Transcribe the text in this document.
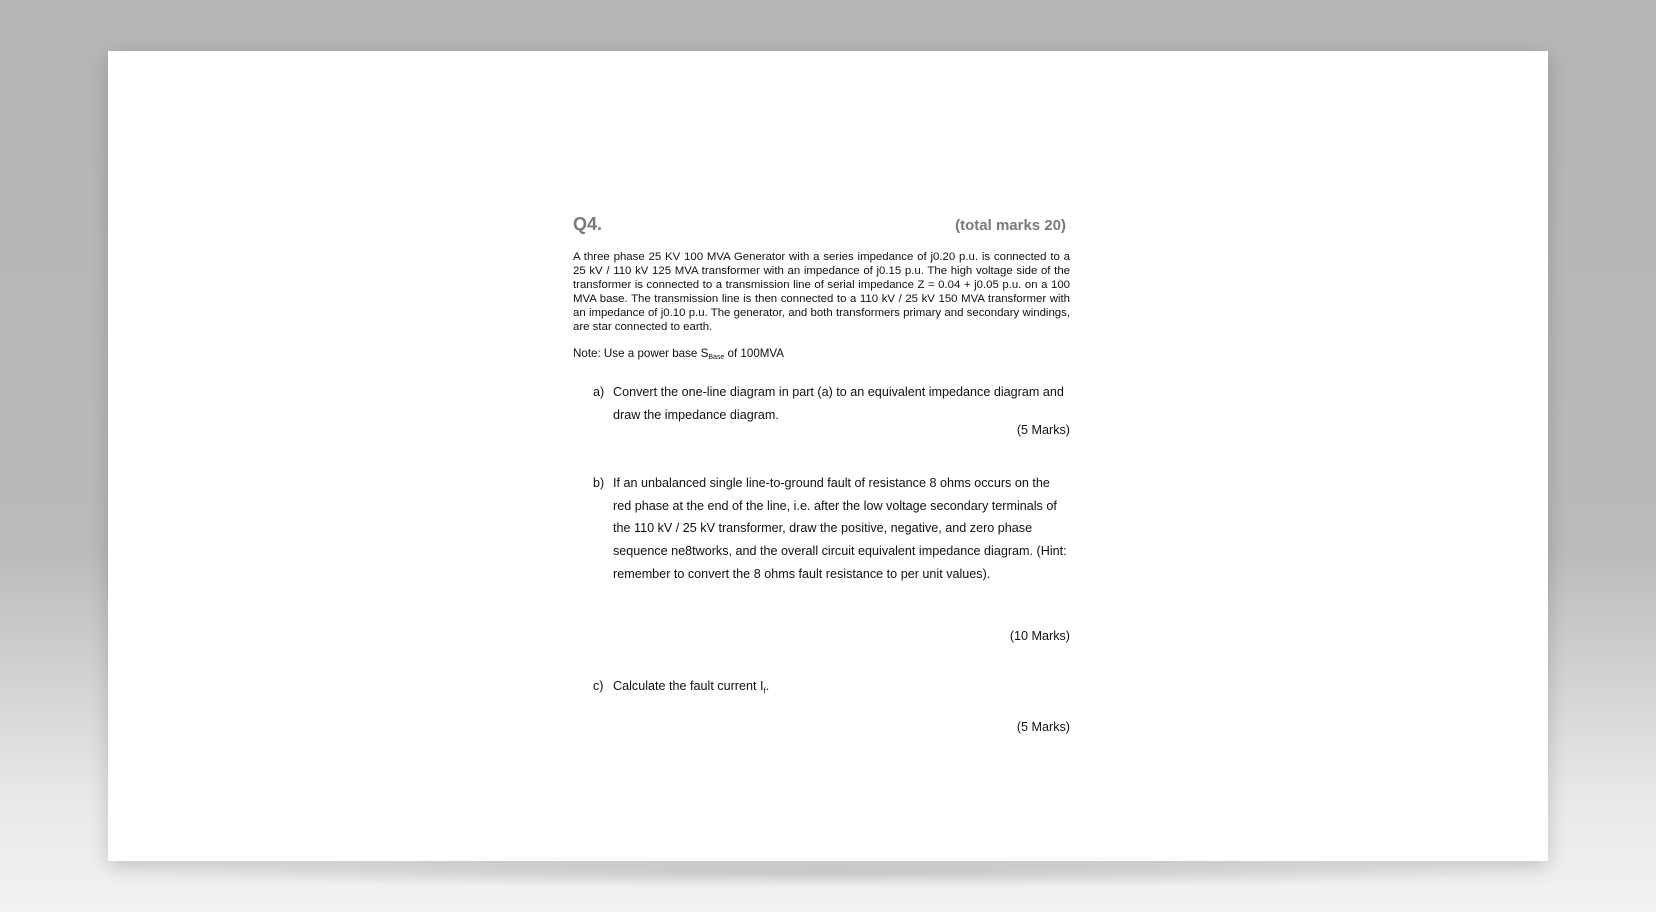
Q4.	(total marks 20)
A three phase 25 KV 100 MVA Generator with a series impedance of j0.20 p.u. is connected to a 25 kV / 110 kV 125 MVA transformer with an impedance of j0.15 p.u. The high voltage side of the transformer is connected to a transmission line of serial impedance Z = 0.04 + j0.05 p.u. on a 100 MVA base. The transmission line is then connected to a 110 kV / 25 kV 150 MVA transformer with an impedance of j0.10 p.u. The generator, and both transformers primary and secondary windings, are star connected to earth.
Note: Use a power base $S_{Base}$ of 100MVA
a) Convert the one-line diagram in part (a) to an equivalent impedance diagram and draw the impedance diagram.
(5 Marks)
b) If an unbalanced single line-to-ground fault of resistance 8 ohms occurs on the red phase at the end of the line, i.e. after the low voltage secondary terminals of the 110 kV / 25 kV transformer, draw the positive, negative, and zero phase sequence ne8tworks, and the overall circuit equivalent impedance diagram. (Hint: remember to convert the 8 ohms fault resistance to per unit values).
(10 Marks)
c) Calculate the fault current $I_f$.
(5 Marks)
